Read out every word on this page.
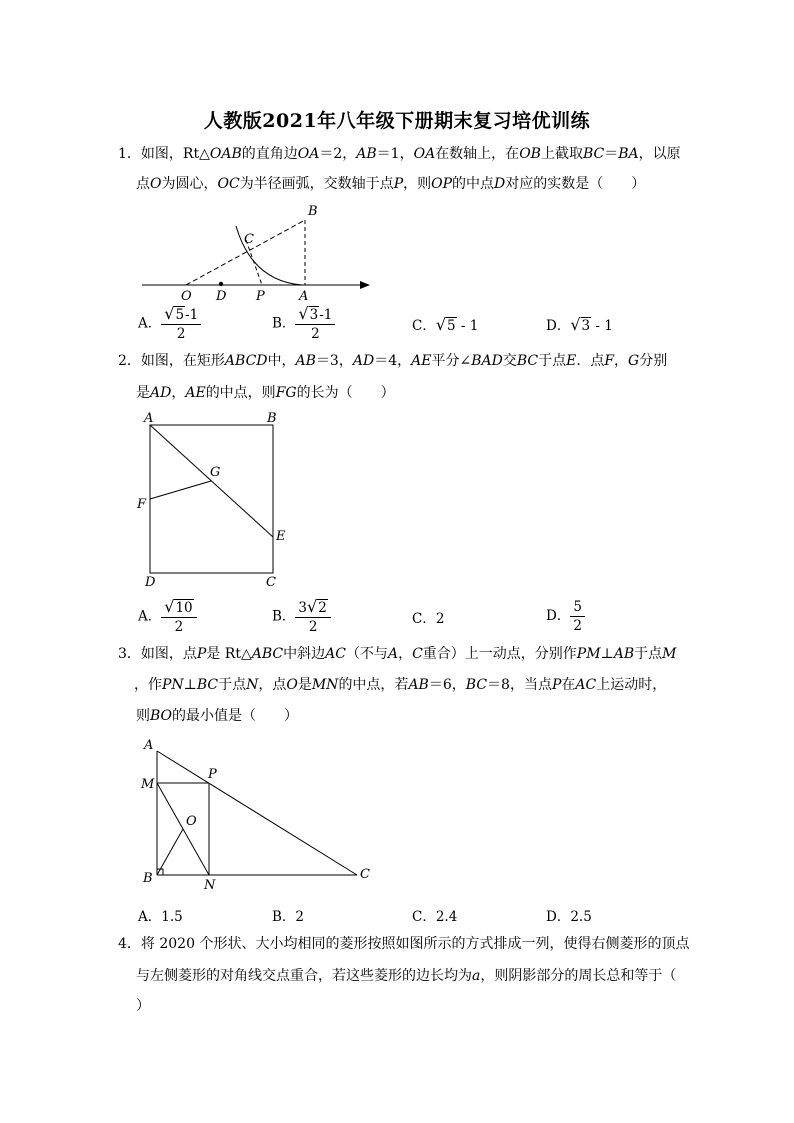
人教版2021年八年级下册期末复习培优训练
1．如图，Rt△OAB的直角边OA＝2，AB＝1，OA在数轴上，在OB上截取BC＝BA，以原
点O为圆心，OC为半径画弧，交数轴于点P，则OP的中点D对应的实数是（　　）
B
C
O D P	A
A． $\frac{√5-1}{2}$	B． $\frac{√3-1}{2}$	C．√5 - 1	D．√3 - 1
2．如图，在矩形ABCD中，AB＝3，AD＝4，AE平分∠BAD交BC于点E．点F，G分别
是AD，AE的中点，则FG的长为（　　）
A	B
G
F
E
D	C
A． $\frac{√10}{2}$	B． $\frac{3√2}{2}$	C．2	D． $\frac{5}{2}$
3．如图，点P是 Rt△ABC中斜边AC（不与A，C重合）上一动点，分别作PM⊥AB于点M
，作PN⊥BC于点N，点O是MN的中点，若AB＝6，BC＝8，当点P在AC上运动时，
则BO的最小值是（　　）
A
M
P
O
B	N
C
A．1.5	B．2	C．2.4	D．2.5
4．将 2020 个形状、大小均相同的菱形按照如图所示的方式排成一列，使得右侧菱形的顶点
与左侧菱形的对角线交点重合，若这些菱形的边长均为a，则阴影部分的周长总和等于（
）
